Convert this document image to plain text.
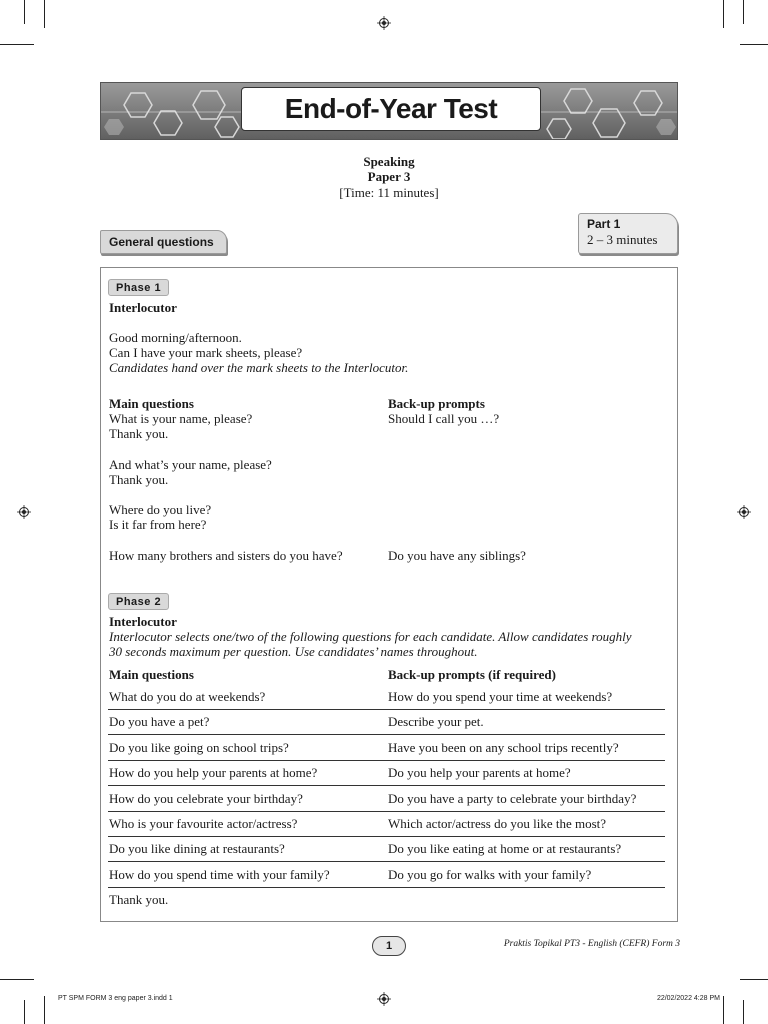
End-of-Year Test
Speaking
Paper 3
[Time: 11 minutes]
General questions
Part 1
2 – 3 minutes
Phase 1
Interlocutor
Good morning/afternoon.
Can I have your mark sheets, please?
Candidates hand over the mark sheets to the Interlocutor.
Main questions	Back-up prompts
What is your name, please?	Should I call you …?
Thank you.
And what’s your name, please?
Thank you.
Where do you live?
Is it far from here?
How many brothers and sisters do you have?	Do you have any siblings?
Phase 2
Interlocutor
Interlocutor selects one/two of the following questions for each candidate. Allow candidates roughly
30 seconds maximum per question. Use candidates’ names throughout.
Main questions	Back-up prompts (if required)
What do you do at weekends?	How do you spend your time at weekends?
Do you have a pet?	Describe your pet.
Do you like going on school trips?	Have you been on any school trips recently?
How do you help your parents at home?	Do you help your parents at home?
How do you celebrate your birthday?	Do you have a party to celebrate your birthday?
Who is your favourite actor/actress?	Which actor/actress do you like the most?
Do you like dining at restaurants?	Do you like eating at home or at restaurants?
How do you spend time with your family?	Do you go for walks with your family?
Thank you.
1	Praktis Topikal PT3 - English (CEFR) Form 3
PT SPM FORM 3 eng paper 3.indd 1	22/02/2022 4:28 PM
